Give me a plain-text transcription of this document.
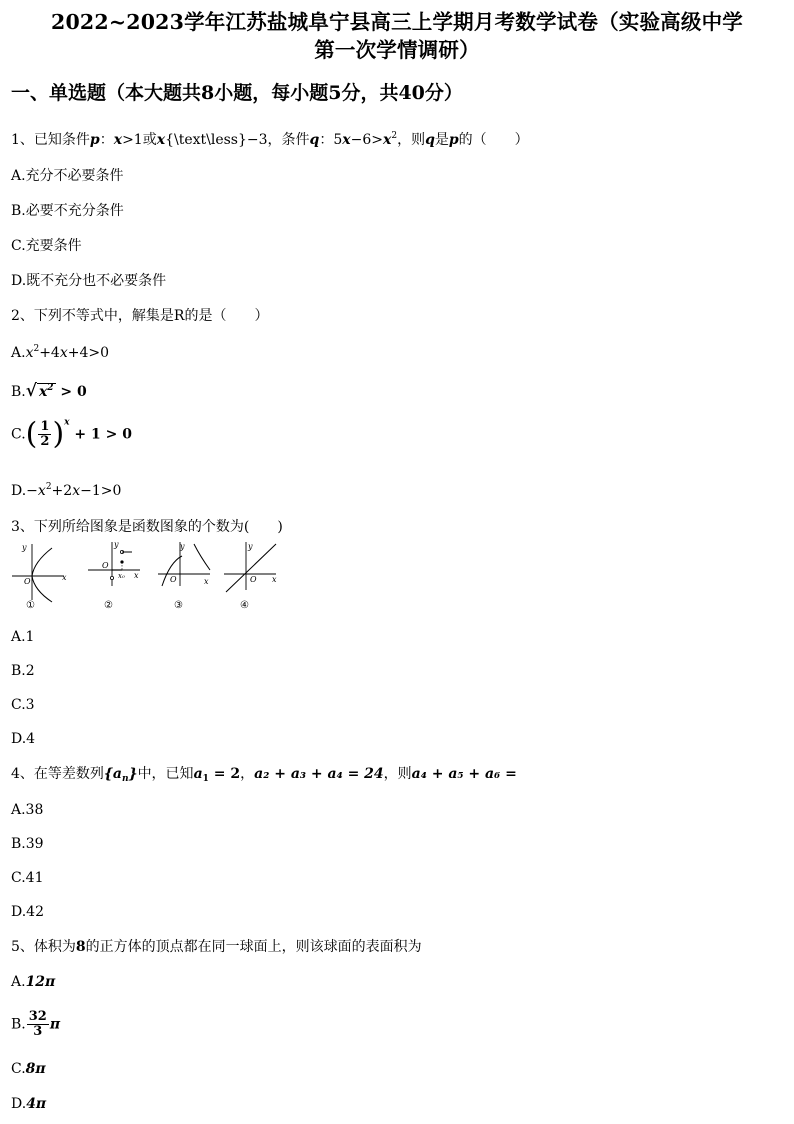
2022~2023学年江苏盐城阜宁县高三上学期月考数学试卷（实验高级中学
第一次学情调研）
一、单选题（本大题共8小题，每小题5分，共40分）
1、已知条件p：x>1或x{\text\less}−3，条件q：$5x-6>x^2$，则q是p的（　　）
A.充分不必要条件
B.必要不充分条件
C.充要条件
D.既不充分也不必要条件
2、下列不等式中，解集是R的是（　　）
$A.x^2+4x+4>0$
B.√ $x^2 > 0$
$C.( \frac{1}{2} )^x + 1 > 0$
$D.-x^2+2x-1>0$
3、下列所给图象是函数图象的个数为(　　)
y
x
O
①
y
x
O
x₀
②
y
x
O
③
y
x
O
④
A.1
B.2
C.3
D.4
4、在等差数列$\{a_n\}$中，已知$a_1 = 2$，a₂ + a₃ + a₄ = 24，则a₄ + a₅ + a₆ =
A.38
B.39
C.41
D.42
5、体积为8的正方体的顶点都在同一球面上，则该球面的表面积为
A.12π
B. $\frac{32}{3}$ π
C.8π
D.4π
